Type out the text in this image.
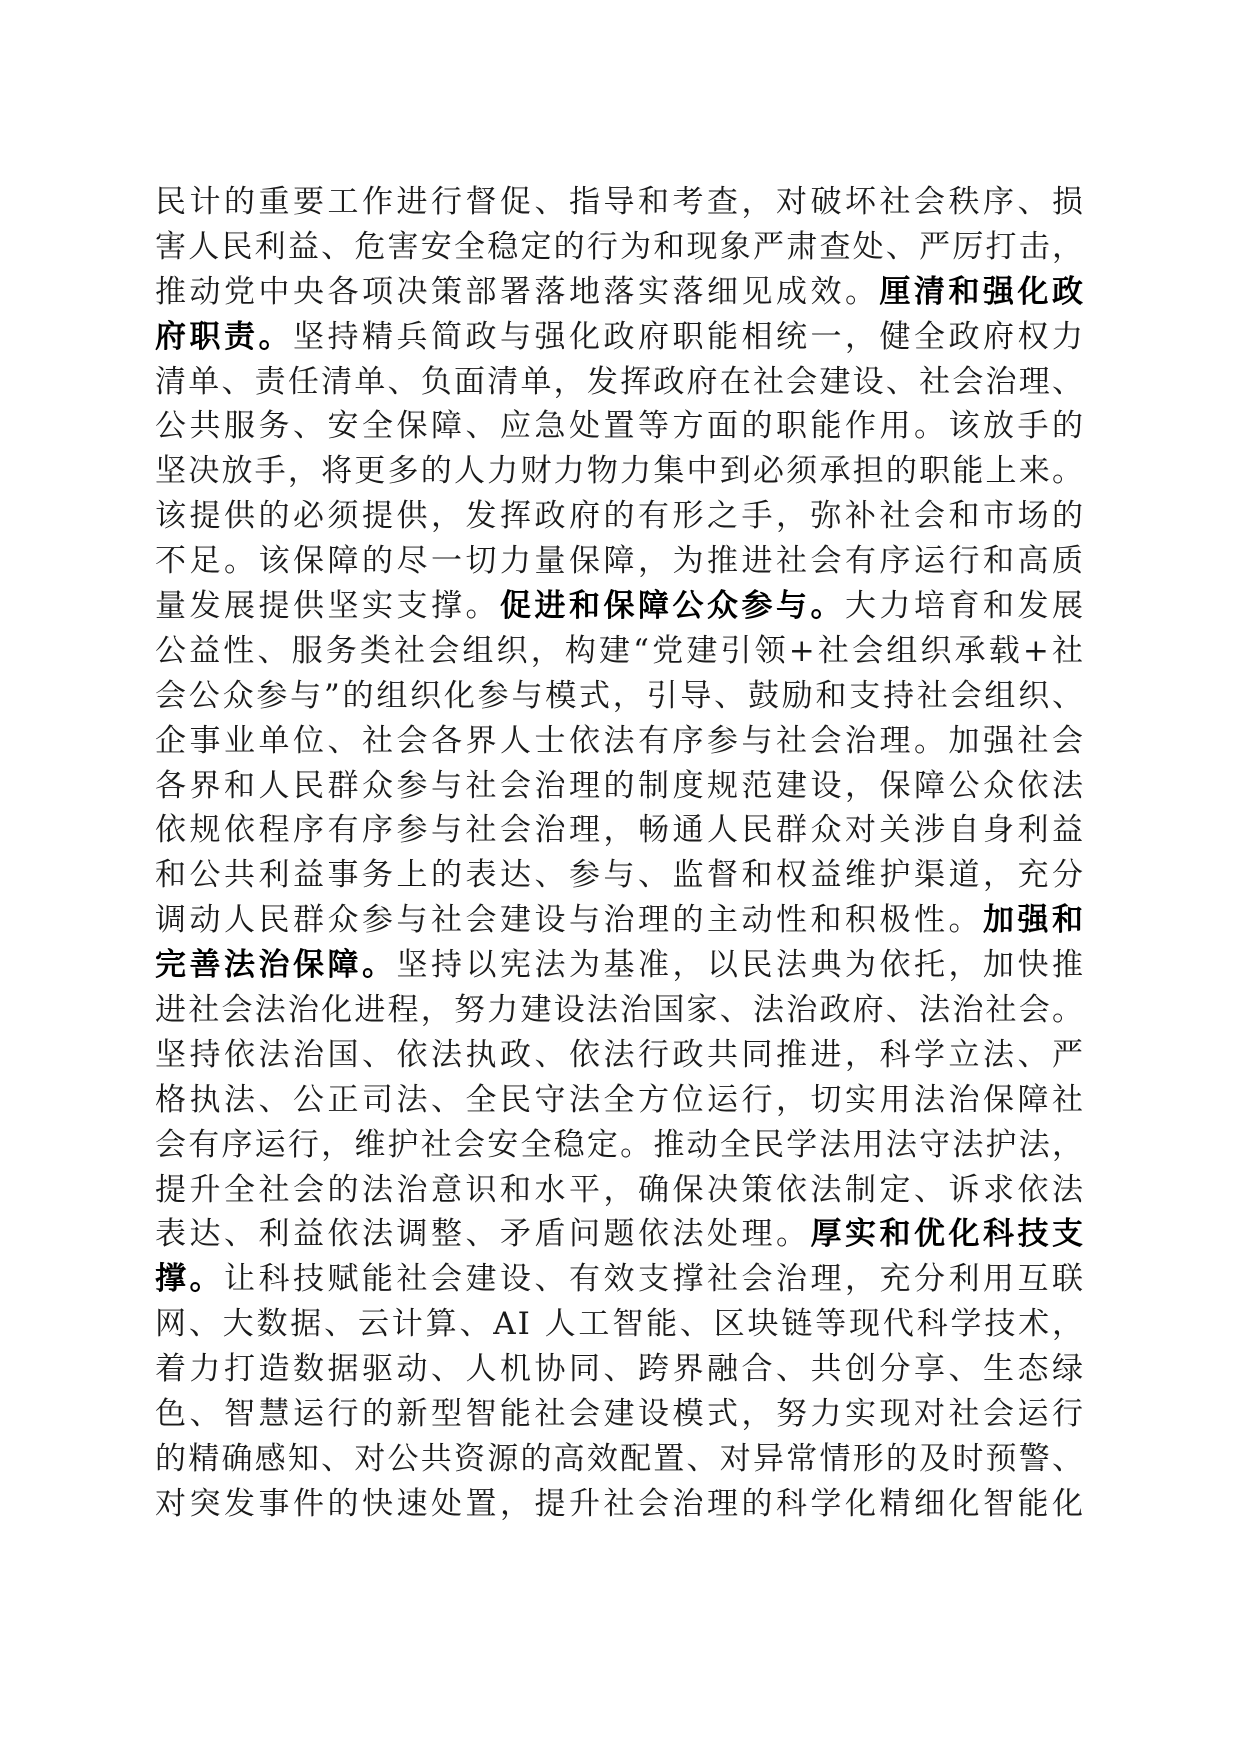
民计的重要工作进行督促、指导和考查，对破坏社会秩序、损
害人民利益、危害安全稳定的行为和现象严肃查处、严厉打击，
推动党中央各项决策部署落地落实落细见成效。厘清和强化政
府职责。坚持精兵简政与强化政府职能相统一，健全政府权力
清单、责任清单、负面清单，发挥政府在社会建设、社会治理、
公共服务、安全保障、应急处置等方面的职能作用。该放手的
坚决放手，将更多的人力财力物力集中到必须承担的职能上来。
该提供的必须提供，发挥政府的有形之手，弥补社会和市场的
不足。该保障的尽一切力量保障，为推进社会有序运行和高质
量发展提供坚实支撑。促进和保障公众参与。大力培育和发展
公益性、服务类社会组织，构建“党建引领+社会组织承载+社
会公众参与”的组织化参与模式，引导、鼓励和支持社会组织、
企事业单位、社会各界人士依法有序参与社会治理。加强社会
各界和人民群众参与社会治理的制度规范建设，保障公众依法
依规依程序有序参与社会治理，畅通人民群众对关涉自身利益
和公共利益事务上的表达、参与、监督和权益维护渠道，充分
调动人民群众参与社会建设与治理的主动性和积极性。加强和
完善法治保障。坚持以宪法为基准，以民法典为依托，加快推
进社会法治化进程，努力建设法治国家、法治政府、法治社会。
坚持依法治国、依法执政、依法行政共同推进，科学立法、严
格执法、公正司法、全民守法全方位运行，切实用法治保障社
会有序运行，维护社会安全稳定。推动全民学法用法守法护法，
提升全社会的法治意识和水平，确保决策依法制定、诉求依法
表达、利益依法调整、矛盾问题依法处理。厚实和优化科技支
撑。让科技赋能社会建设、有效支撑社会治理，充分利用互联
网、大数据、云计算、AI 人工智能、区块链等现代科学技术，
着力打造数据驱动、人机协同、跨界融合、共创分享、生态绿
色、智慧运行的新型智能社会建设模式，努力实现对社会运行
的精确感知、对公共资源的高效配置、对异常情形的及时预警、
对突发事件的快速处置，提升社会治理的科学化精细化智能化
